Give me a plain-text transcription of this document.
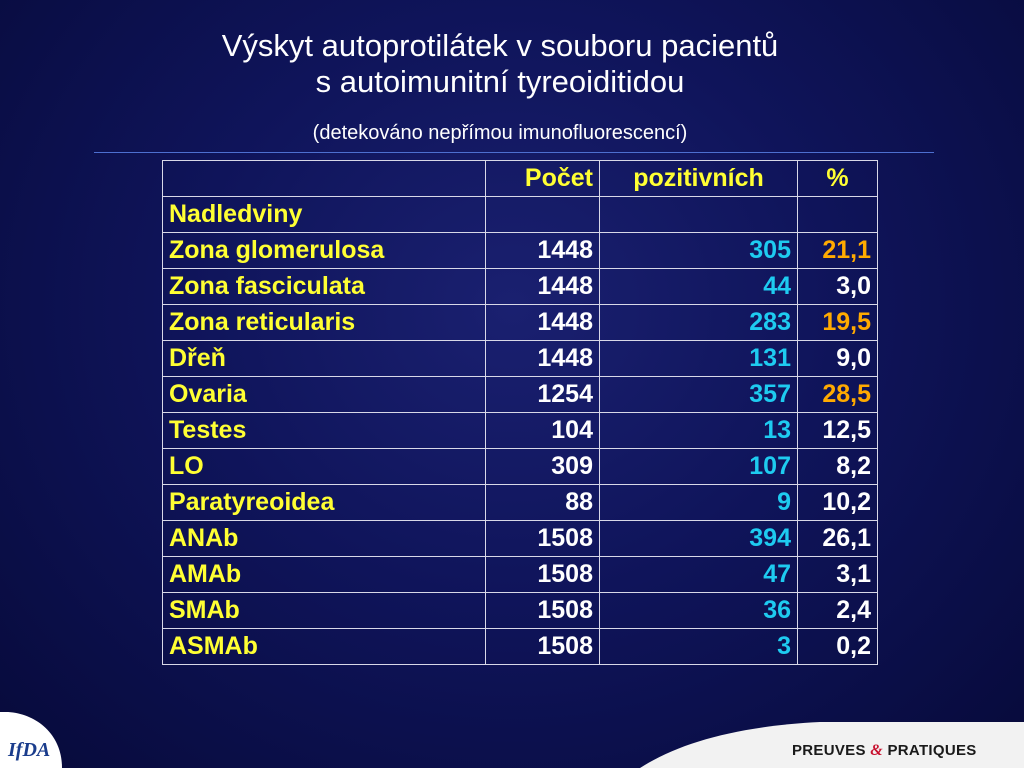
Výskyt autoprotilátek v souboru pacientů
s autoimunitní tyreoiditidou
(detekováno nepřímou imunofluorescencí)
	Počet	pozitivních	%
Nadledviny			
Zona glomerulosa	1448	305	21,1
Zona fasciculata	1448	44	3,0
Zona reticularis	1448	283	19,5
Dřeň	1448	131	9,0
Ovaria	1254	357	28,5
Testes	104	13	12,5
LO	309	107	8,2
Paratyreoidea	88	9	10,2
ANAb	1508	394	26,1
AMAb	1508	47	3,1
SMAb	1508	36	2,4
ASMAb	1508	3	0,2
IfDA	PREUVES & PRATIQUES
